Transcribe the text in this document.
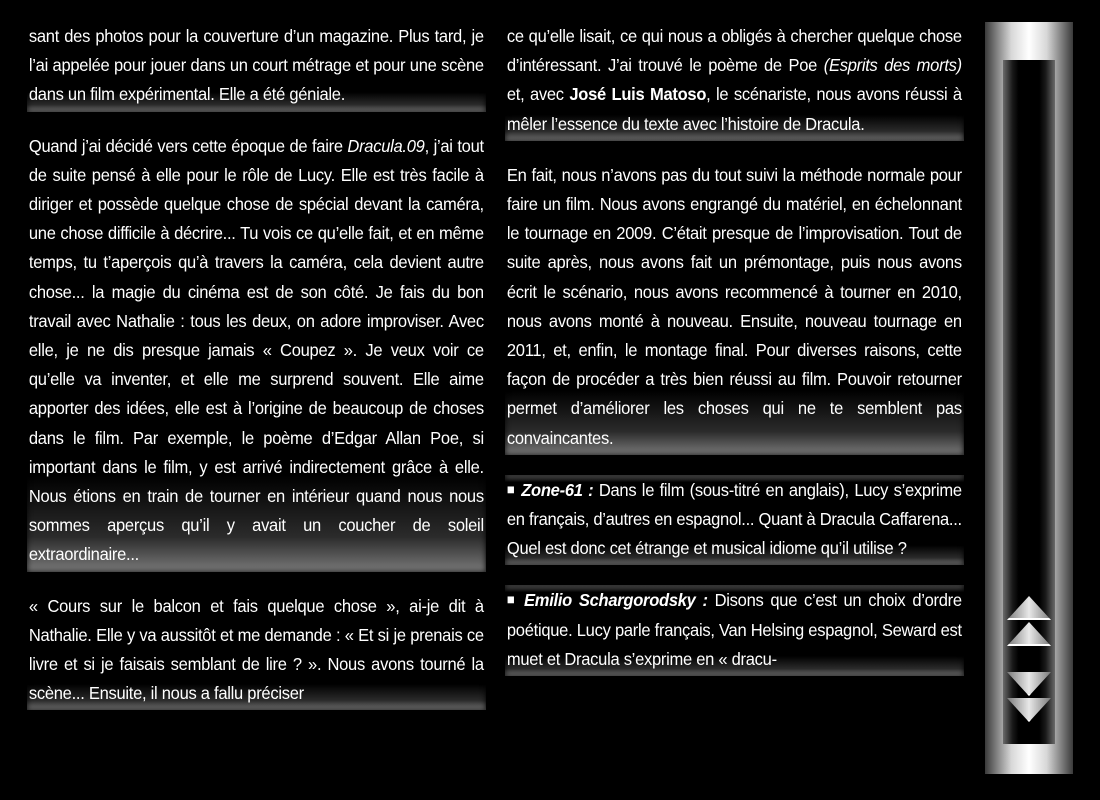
sant des photos pour la couverture d’un magazine. Plus tard, je l’ai appelée pour jouer dans un court métrage et pour une scène dans un film expérimental. Elle a été géniale.
Quand j’ai décidé vers cette époque de faire Dracula.09, j’ai tout de suite pensé à elle pour le rôle de Lucy. Elle est très facile à diriger et possède quelque chose de spécial devant la caméra, une chose difficile à décrire... Tu vois ce qu’elle fait, et en même temps, tu t’aperçois qu’à travers la caméra, cela devient autre chose... la magie du cinéma est de son côté. Je fais du bon travail avec Nathalie : tous les deux, on adore improviser. Avec elle, je ne dis presque jamais « Coupez ». Je veux voir ce qu’elle va inventer, et elle me surprend souvent. Elle aime apporter des idées, elle est à l’origine de beaucoup de choses dans le film. Par exemple, le poème d’Edgar Allan Poe, si important dans le film, y est arrivé indirectement grâce à elle. Nous étions en train de tourner en intérieur quand nous nous sommes aperçus qu’il y avait un coucher de soleil extraordinaire...
« Cours sur le balcon et fais quelque chose », ai-je dit à Nathalie. Elle y va aussitôt et me demande : « Et si je prenais ce livre et si je faisais semblant de lire ? ». Nous avons tourné la scène... Ensuite, il nous a fallu préciser
ce qu’elle lisait, ce qui nous a obligés à chercher quelque chose d’intéressant. J’ai trouvé le poème de Poe (Esprits des morts) et, avec José Luis Matoso, le scénariste, nous avons réussi à mêler l’essence du texte avec l’histoire de Dracula.
En fait, nous n’avons pas du tout suivi la méthode normale pour faire un film. Nous avons engrangé du matériel, en échelonnant le tournage en 2009. C’était presque de l’improvisation. Tout de suite après, nous avons fait un prémontage, puis nous avons écrit le scénario, nous avons recommencé à tourner en 2010, nous avons monté à nouveau. Ensuite, nouveau tournage en 2011, et, enfin, le montage final. Pour diverses raisons, cette façon de procéder a très bien réussi au film. Pouvoir retourner permet d’améliorer les choses qui ne te semblent pas convaincantes.
■ Zone-61 : Dans le film (sous-titré en anglais), Lucy s’exprime en français, d’autres en espagnol... Quant à Dracula Caffarena... Quel est donc cet étrange et musical idiome qu’il utilise ?
■ Emilio Schargorodsky : Disons que c’est un choix d’ordre poétique. Lucy parle français, Van Helsing espagnol, Seward est muet et Dracula s’exprime en « dracu-
